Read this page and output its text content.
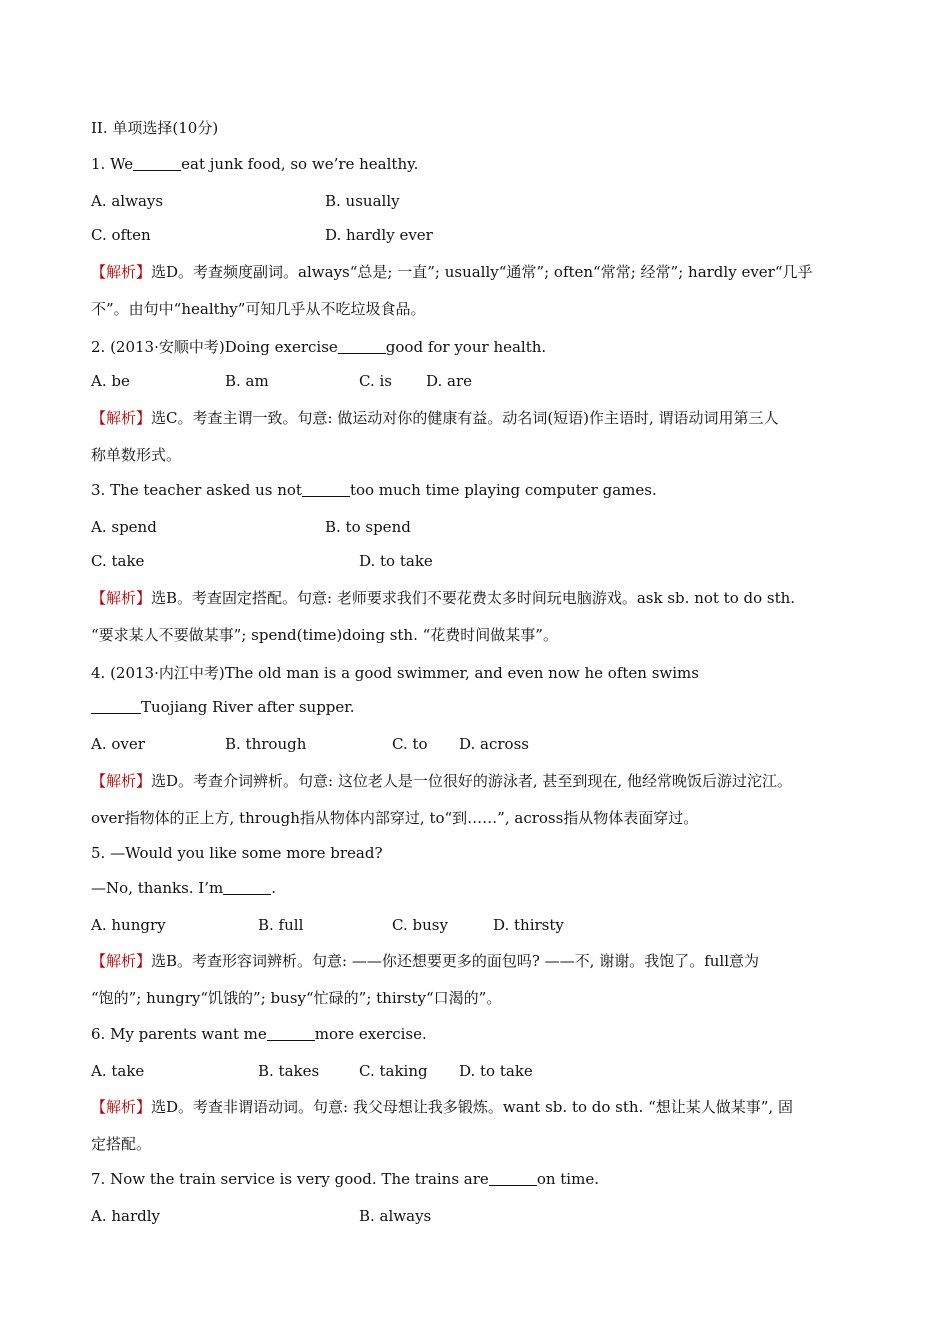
II. 单项选择(10分)
1. We	eat junk food, so we’re healthy.
A. always	B. usually
C. often	D. hardly ever
【解析】选D。考查频度副词。always“总是; 一直”; usually“通常”; often“常常; 经常”; hardly ever“几乎
不”。由句中“healthy”可知几乎从不吃垃圾食品。
2. (2013·安顺中考)Doing exercise	good for your health.
A. be	B. am	C. is D. are
【解析】选C。考查主谓一致。句意: 做运动对你的健康有益。动名词(短语)作主语时, 谓语动词用第三人
称单数形式。
3. The teacher asked us not	too much time playing computer games.
A. spend	B. to spend
C. take	D. to take
【解析】选B。考查固定搭配。句意: 老师要求我们不要花费太多时间玩电脑游戏。ask sb. not to do sth.
“要求某人不要做某事”; spend(time)doing sth. “花费时间做某事”。
4. (2013·内江中考)The old man is a good swimmer, and even now he often swims
Tuojiang River after supper.
A. over	B. through	C. to D. across
【解析】选D。考查介词辨析。句意: 这位老人是一位很好的游泳者, 甚至到现在, 他经常晚饭后游过沱江。
over指物体的正上方, through指从物体内部穿过, to“到……”, across指从物体表面穿过。
5. —Would you like some more bread?
—No, thanks. I’m	.
A. hungry	B. full	C. busy	D. thirsty
【解析】选B。考查形容词辨析。句意: ——你还想要更多的面包吗? ——不, 谢谢。我饱了。full意为
“饱的”; hungry“饥饿的”; busy“忙碌的”; thirsty“口渴的”。
6. My parents want me	more exercise.
A. take	B. takes	C. taking D. to take
【解析】选D。考查非谓语动词。句意: 我父母想让我多锻炼。want sb. to do sth. “想让某人做某事”, 固
定搭配。
7. Now the train service is very good. The trains are	on time.
A. hardly	B. always
